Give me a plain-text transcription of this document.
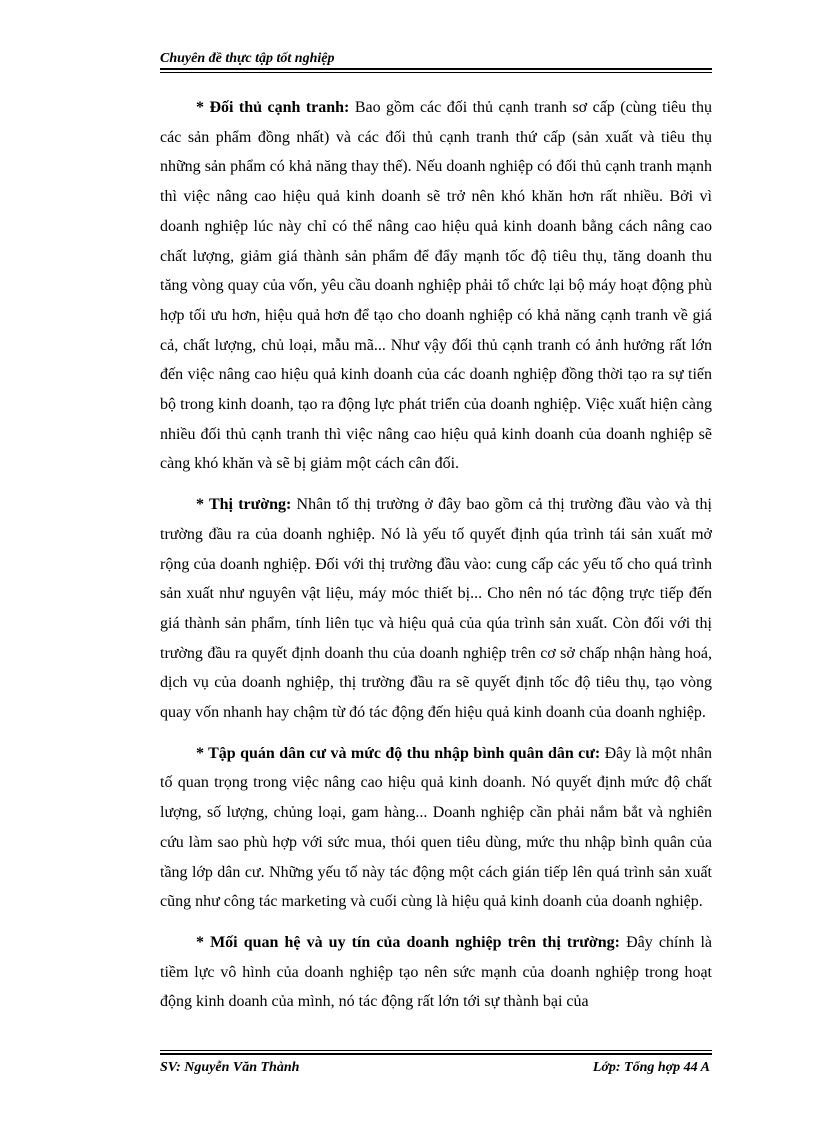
Chuyên đề thực tập tốt nghiệp

* Đối thủ cạnh tranh: Bao gồm các đối thủ cạnh tranh sơ cấp (cùng tiêu thụ các sản phẩm đồng nhất) và các đối thủ cạnh tranh thứ cấp (sản xuất và tiêu thụ những sản phẩm có khả năng thay thế). Nếu doanh nghiệp có đối thủ cạnh tranh mạnh thì việc nâng cao hiệu quả kinh doanh sẽ trở nên khó khăn hơn rất nhiều. Bởi vì doanh nghiệp lúc này chỉ có thể nâng cao hiệu quả kinh doanh bằng cách nâng cao chất lượng, giảm giá thành sản phẩm để đẩy mạnh tốc độ tiêu thụ, tăng doanh thu tăng vòng quay của vốn, yêu cầu doanh nghiệp phải tổ chức lại bộ máy hoạt động phù hợp tối ưu hơn, hiệu quả hơn để tạo cho doanh nghiệp có khả năng cạnh tranh về giá cả, chất lượng, chủ loại, mẫu mã... Như vậy đối thủ cạnh tranh có ảnh hưởng rất lớn đến việc nâng cao hiệu quả kinh doanh của các doanh nghiệp đồng thời tạo ra sự tiến bộ trong kinh doanh, tạo ra động lực phát triển của doanh nghiệp. Việc xuất hiện càng nhiều đối thủ cạnh tranh thì việc nâng cao hiệu quả kinh doanh của doanh nghiệp sẽ càng khó khăn và sẽ bị giảm một cách cân đối.

* Thị trường: Nhân tố thị trường ở đây bao gồm cả thị trường đầu vào và thị trường đầu ra của doanh nghiệp. Nó là yếu tố quyết định qúa trình tái sản xuất mở rộng của doanh nghiệp. Đối với thị trường đầu vào: cung cấp các yếu tố cho quá trình sản xuất như nguyên vật liệu, máy móc thiết bị... Cho nên nó tác động trực tiếp đến giá thành sản phẩm, tính liên tục và hiệu quả của qúa trình sản xuất. Còn đối với thị trường đầu ra quyết định doanh thu của doanh nghiệp trên cơ sở chấp nhận hàng hoá, dịch vụ của doanh nghiệp, thị trường đầu ra sẽ quyết định tốc độ tiêu thụ, tạo vòng quay vốn nhanh hay chậm từ đó tác động đến hiệu quả kinh doanh của doanh nghiệp.

* Tập quán dân cư và mức độ thu nhập bình quân dân cư: Đây là một nhân tố quan trọng trong việc nâng cao hiệu quả kinh doanh. Nó quyết định mức độ chất lượng, số lượng, chủng loại, gam hàng... Doanh nghiệp cần phải nắm bắt và nghiên cứu làm sao phù hợp với sức mua, thói quen tiêu dùng, mức thu nhập bình quân của tầng lớp dân cư. Những yếu tố này tác động một cách gián tiếp lên quá trình sản xuất cũng như công tác marketing và cuối cùng là hiệu quả kinh doanh của doanh nghiệp.

* Mối quan hệ và uy tín của doanh nghiệp trên thị trường: Đây chính là tiềm lực vô hình của doanh nghiệp tạo nên sức mạnh của doanh nghiệp trong hoạt động kinh doanh của mình, nó tác động rất lớn tới sự thành bại của

SV: Nguyễn Văn Thành	Lớp: Tổng hợp 44 A
